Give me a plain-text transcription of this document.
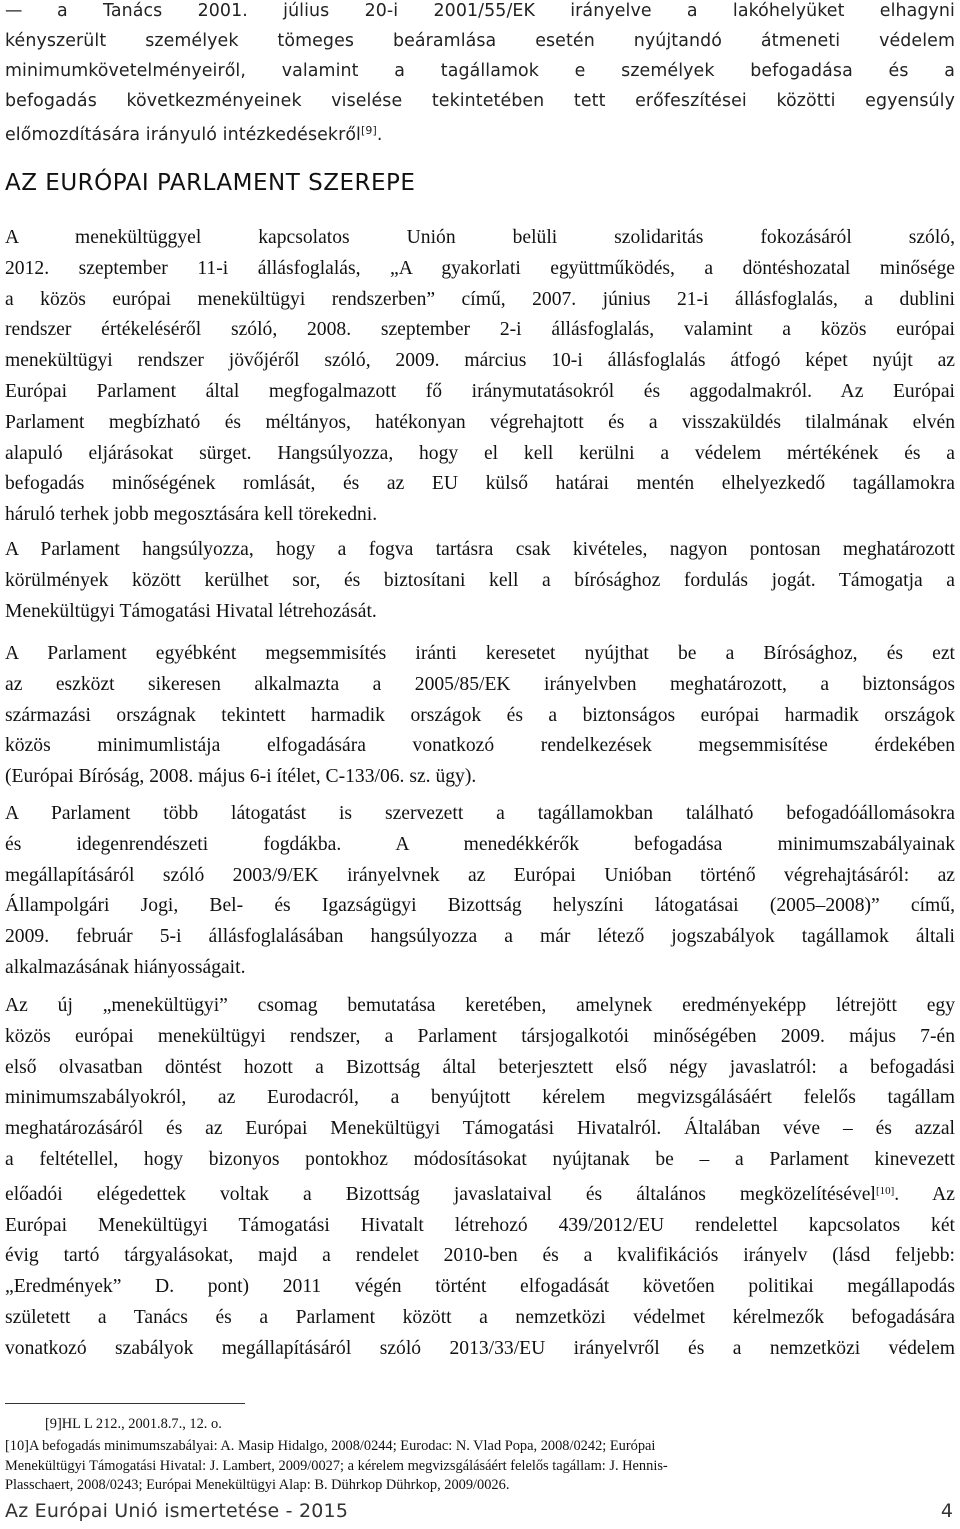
— a Tanács 2001. július 20-i 2001/55/EK irányelve a lakóhelyüket elhagyni
kényszerült személyek tömeges beáramlása esetén nyújtandó átmeneti védelem
minimumkövetelményeiről, valamint a tagállamok e személyek befogadása és a
befogadás következményeinek viselése tekintetében tett erőfeszítései közötti egyensúly
előmozdítására irányuló intézkedésekről[9].
AZ EURÓPAI PARLAMENT SZEREPE
A menekültüggyel kapcsolatos Unión belüli szolidaritás fokozásáról szóló,
2012. szeptember 11-i állásfoglalás, „A gyakorlati együttműködés, a döntéshozatal minősége
a közös európai menekültügyi rendszerben” című, 2007. június 21-i állásfoglalás, a dublini
rendszer értékeléséről szóló, 2008. szeptember 2-i állásfoglalás, valamint a közös európai
menekültügyi rendszer jövőjéről szóló, 2009. március 10-i állásfoglalás átfogó képet nyújt az
Európai Parlament által megfogalmazott fő iránymutatásokról és aggodalmakról. Az Európai
Parlament megbízható és méltányos, hatékonyan végrehajtott és a visszaküldés tilalmának elvén
alapuló eljárásokat sürget. Hangsúlyozza, hogy el kell kerülni a védelem mértékének és a
befogadás minőségének romlását, és az EU külső határai mentén elhelyezkedő tagállamokra
háruló terhek jobb megosztására kell törekedni.
A Parlament hangsúlyozza, hogy a fogva tartásra csak kivételes, nagyon pontosan meghatározott
körülmények között kerülhet sor, és biztosítani kell a bírósághoz fordulás jogát. Támogatja a
Menekültügyi Támogatási Hivatal létrehozását.
A Parlament egyébként megsemmisítés iránti keresetet nyújthat be a Bírósághoz, és ezt
az eszközt sikeresen alkalmazta a 2005/85/EK irányelvben meghatározott, a biztonságos
származási országnak tekintett harmadik országok és a biztonságos európai harmadik országok
közös minimumlistája elfogadására vonatkozó rendelkezések megsemmisítése érdekében
(Európai Bíróság, 2008. május 6-i ítélet, C-133/06. sz. ügy).
A Parlament több látogatást is szervezett a tagállamokban található befogadóállomásokra
és idegenrendészeti fogdákba. A menedékkérők befogadása minimumszabályainak
megállapításáról szóló 2003/9/EK irányelvnek az Európai Unióban történő végrehajtásáról: az
Állampolgári Jogi, Bel- és Igazságügyi Bizottság helyszíni látogatásai (2005–2008)” című,
2009. február 5-i állásfoglalásában hangsúlyozza a már létező jogszabályok tagállamok általi
alkalmazásának hiányosságait.
Az új „menekültügyi” csomag bemutatása keretében, amelynek eredményeképp létrejött egy
közös európai menekültügyi rendszer, a Parlament társjogalkotói minőségében 2009. május 7-én
első olvasatban döntést hozott a Bizottság által beterjesztett első négy javaslatról: a befogadási
minimumszabályokról, az Eurodacról, a benyújtott kérelem megvizsgálásáért felelős tagállam
meghatározásáról és az Európai Menekültügyi Támogatási Hivatalról. Általában véve – és azzal
a feltétellel, hogy bizonyos pontokhoz módosításokat nyújtanak be – a Parlament kinevezett
előadói elégedettek voltak a Bizottság javaslataival és általános megközelítésével[10]. Az
Európai Menekültügyi Támogatási Hivatalt létrehozó 439/2012/EU rendelettel kapcsolatos két
évig tartó tárgyalásokat, majd a rendelet 2010-ben és a kvalifikációs irányelv (lásd feljebb:
„Eredmények” D. pont) 2011 végén történt elfogadását követően politikai megállapodás
született a Tanács és a Parlament között a nemzetközi védelmet kérelmezők befogadására
vonatkozó szabályok megállapításáról szóló 2013/33/EU irányelvről és a nemzetközi védelem
[9]HL L 212., 2001.8.7., 12. o.
[10]A befogadás minimumszabályai: A. Masip Hidalgo, 2008/0244; Eurodac: N. Vlad Popa, 2008/0242; Európai
Menekültügyi Támogatási Hivatal: J. Lambert, 2009/0027; a kérelem megvizsgálásáért felelős tagállam: J. Hennis-
Plasschaert, 2008/0243; Európai Menekültügyi Alap: B. Dührkop Dührkop, 2009/0026.
Az Európai Unió ismertetése - 2015	4
